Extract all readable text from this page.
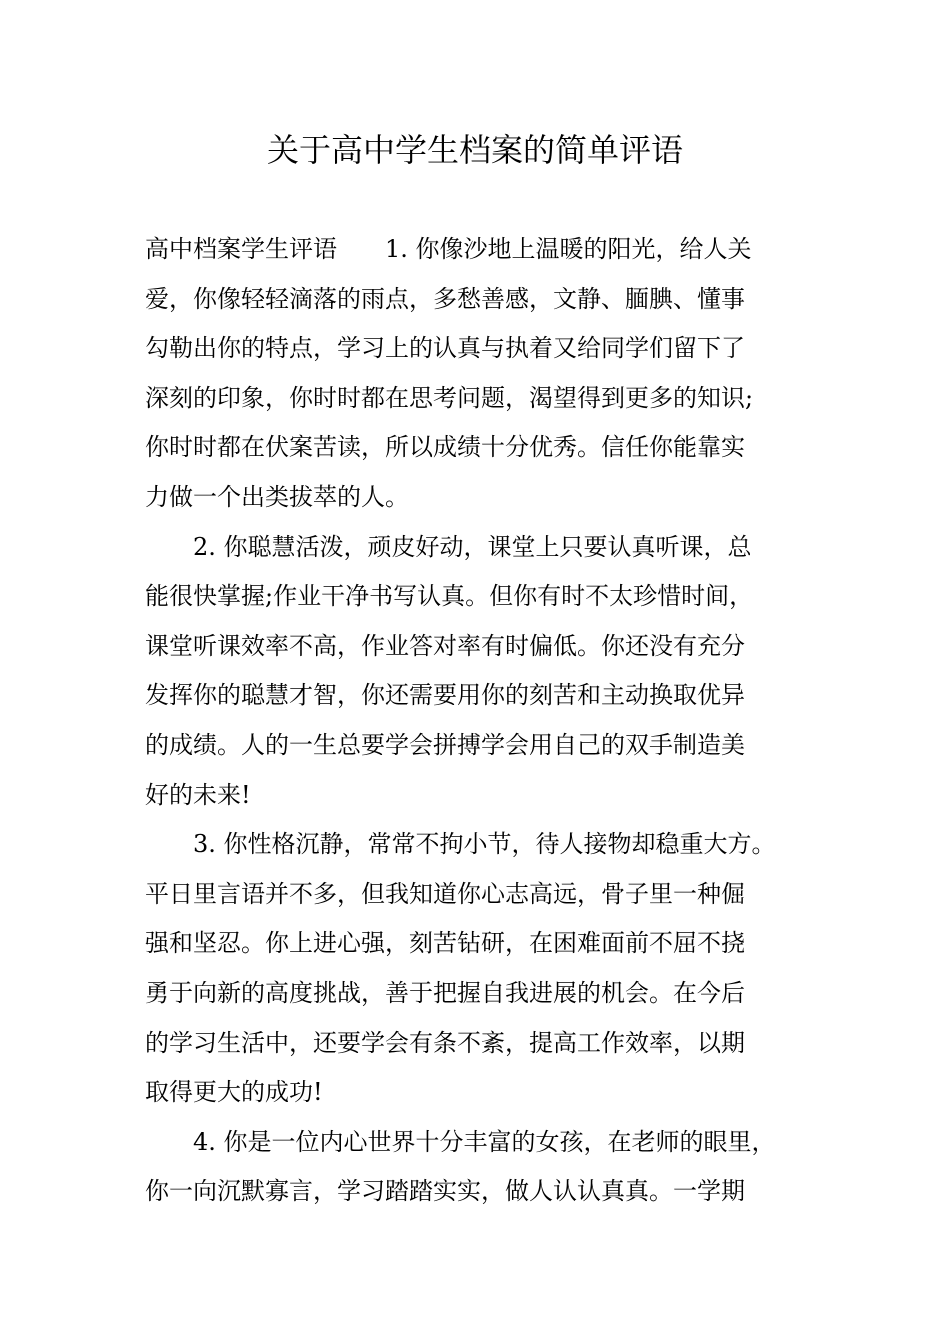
关于高中学生档案的简单评语

高中档案学生评语　　1. 你像沙地上温暖的阳光，给人关

爱，你像轻轻滴落的雨点，多愁善感，文静、腼腆、懂事

勾勒出你的特点，学习上的认真与执着又给同学们留下了

深刻的印象，你时时都在思考问题，渴望得到更多的知识;

你时时都在伏案苦读，所以成绩十分优秀。信任你能靠实

力做一个出类拔萃的人。

2. 你聪慧活泼，顽皮好动，课堂上只要认真听课，总

能很快掌握;作业干净书写认真。但你有时不太珍惜时间，

课堂听课效率不高，作业答对率有时偏低。你还没有充分

发挥你的聪慧才智，你还需要用你的刻苦和主动换取优异

的成绩。人的一生总要学会拼搏学会用自己的双手制造美

好的未来!

3. 你性格沉静，常常不拘小节，待人接物却稳重大方。

平日里言语并不多，但我知道你心志高远，骨子里一种倔

强和坚忍。你上进心强，刻苦钻研，在困难面前不屈不挠

勇于向新的高度挑战，善于把握自我进展的机会。在今后

的学习生活中，还要学会有条不紊，提高工作效率，以期

取得更大的成功!

4. 你是一位内心世界十分丰富的女孩，在老师的眼里，

你一向沉默寡言，学习踏踏实实，做人认认真真。一学期
